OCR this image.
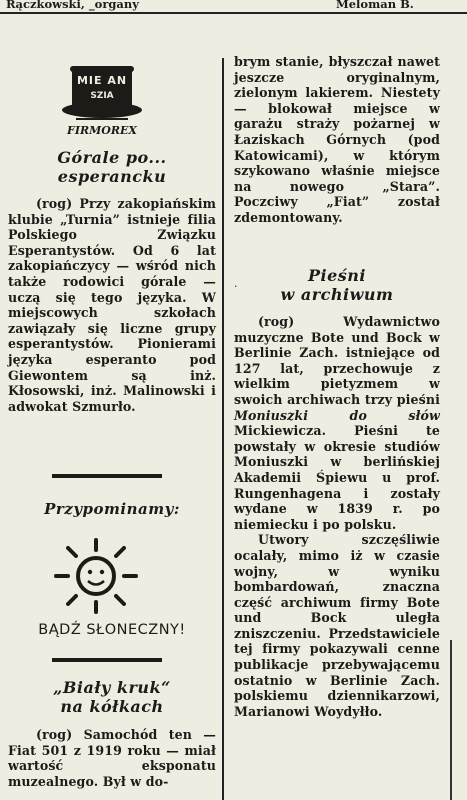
Rączkowski, _organy	Meloman B.
MIE AN
SZIA
FIRMOREX

Górale po...

esperancku

(rog) Przy zakopiańskim klubie „Turnia” istnieje filia Polskiego Związku Esperantystów. Od 6 lat zakopiańczycy — wśród nich także rodowici górale — uczą się tego języka. W miejscowych szkołach zawiązały się liczne grupy esperantystów. Pionierami języka esperanto pod Giewontem są inż. Kłosowski, inż. Malinowski i adwokat Szmurło.

Przypominamy:

BĄDŹ SŁONECZNY!

„Biały kruk“

na kółkach

(rog) Samochód ten — Fiat 501 z 1919 roku — miał wartość eksponatu muzealnego. Był w do-

brym stanie, błyszczał nawet jeszcze oryginalnym, zielonym lakierem. Niestety — blokował miejsce w garażu straży pożarnej w Łaziskach Górnych (pod Katowicami), w którym szykowano właśnie miejsce na nowego „Stara”. Poczciwy „Fiat” został zdemontowany.

Pieśni

w archiwum

(rog) Wydawnictwo muzyczne Bote und Bock w Berlinie Zach. istniejące od 127 lat, przechowuje z wielkim pietyzmem w swoich archiwach trzy pieśni Moniuszki do słów Mickiewicza. Pieśni te powstały w okresie studiów Moniuszki w berlińskiej Akademii Śpiewu u prof. Rungenhagena i zostały wydane w 1839 r. po niemiecku i po polsku.

Utwory szczęśliwie ocalały, mimo iż w czasie wojny, w wyniku bombardowań, znaczna część archiwum firmy Bote und Bock uległa zniszczeniu. Przedstawiciele tej firmy pokazywali cenne publikacje przebywającemu ostatnio w Berlinie Zach. polskiemu dziennikarzowi, Marianowi Woydyłło.

·
